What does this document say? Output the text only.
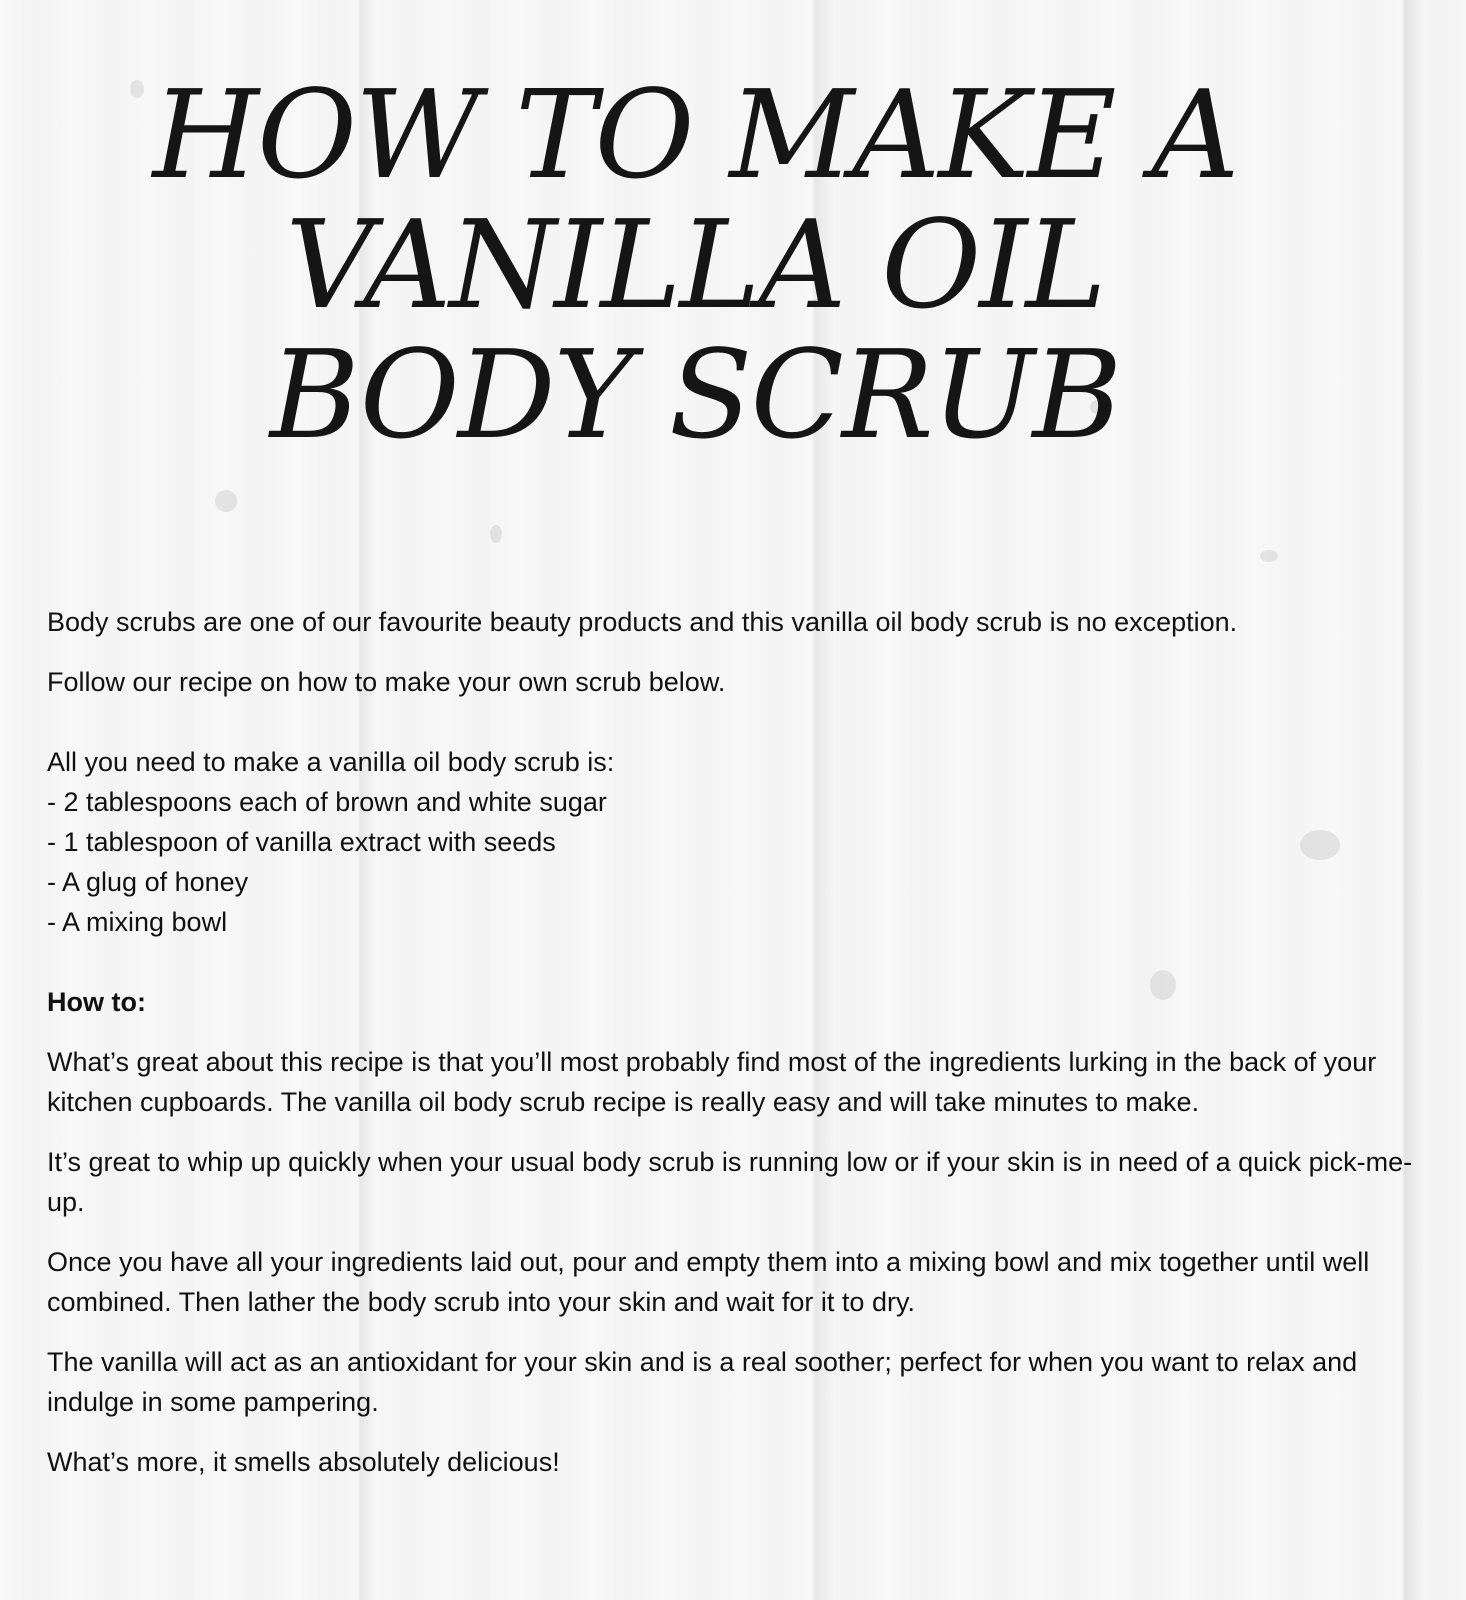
HOW TO MAKE A
VANILLA OIL
BODY SCRUB

Body scrubs are one of our favourite beauty products and this vanilla oil body scrub is no exception.

Follow our recipe on how to make your own scrub below.

All you need to make a vanilla oil body scrub is:

- 2 tablespoons each of brown and white sugar

- 1 tablespoon of vanilla extract with seeds

- A glug of honey

- A mixing bowl

How to:

What’s great about this recipe is that you’ll most probably find most of the ingredients lurking in the back of your kitchen cupboards. The vanilla oil body scrub recipe is really easy and will take minutes to make.

It’s great to whip up quickly when your usual body scrub is running low or if your skin is in need of a quick pick-me-up.

Once you have all your ingredients laid out, pour and empty them into a mixing bowl and mix together until well combined. Then lather the body scrub into your skin and wait for it to dry.

The vanilla will act as an antioxidant for your skin and is a real soother; perfect for when you want to relax and indulge in some pampering.

What’s more, it smells absolutely delicious!
